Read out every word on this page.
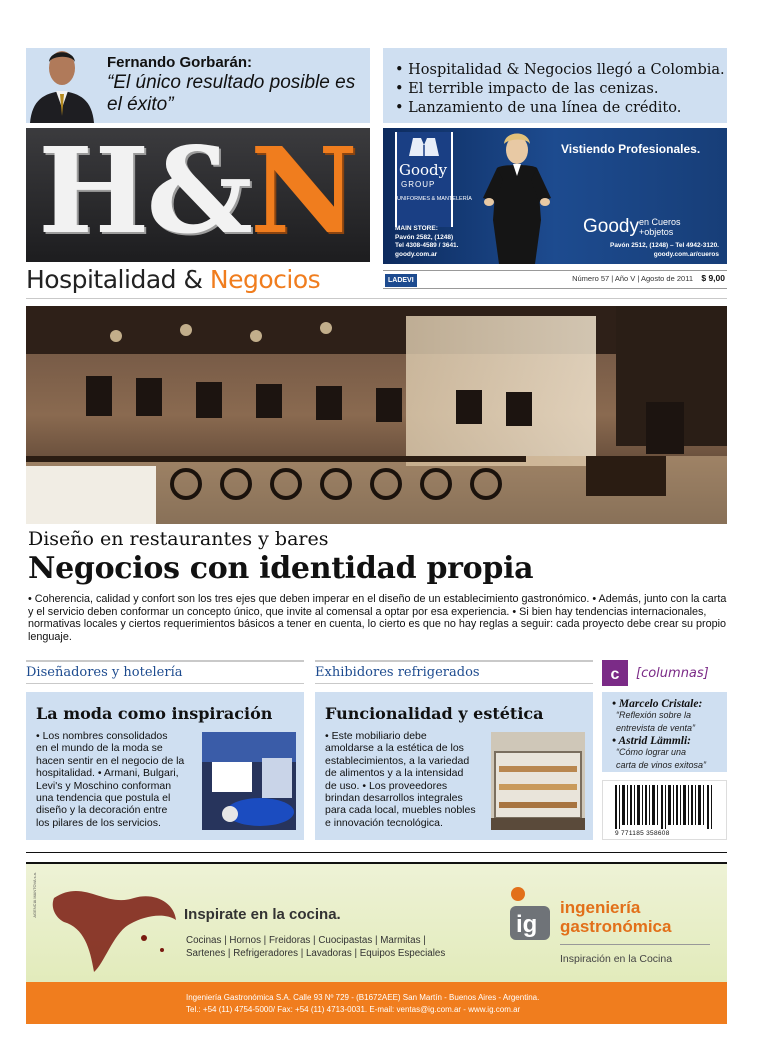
Fernando Gorbarán:
“El único resultado posible es el éxito”
• Hospitalidad & Negocios llegó a Colombia.
• El terrible impacto de las cenizas.
• Lanzamiento de una línea de crédito.
H&N
Hospitalidad & Negocios
Goody
GROUP
UNIFORMES & MANTELERÍA
Vistiendo Profesionales.
MAIN STORE:
Pavón 2582, (1248)
Tel 4308-4589 / 3641.
goody.com.ar
Goody en Cueros
+objetos
Pavón 2512, (1248) – Tel 4942-3120.
goody.com.ar/cueros
LADEVI	Número 57 | Año V | Agosto de 2011 $ 9,00
Diseño en restaurantes y bares
Negocios con identidad propia
• Coherencia, calidad y confort son los tres ejes que deben imperar en el diseño de un establecimiento gastronómico. • Además, junto con la carta y el servicio deben conformar un concepto único, que invite al comensal a optar por esa experiencia. • Si bien hay tendencias internacionales, normativas locales y ciertos requerimientos básicos a tener en cuenta, lo cierto es que no hay reglas a seguir: cada proyecto debe crear su propio lenguaje.
Diseñadores y hotelería
La moda como inspiración
• Los nombres consolidados
en el mundo de la moda se
hacen sentir en el negocio de la
hospitalidad. • Armani, Bulgari,
Levi's y Moschino conforman
una tendencia que postula el
diseño y la decoración entre
los pilares de los servicios.
Exhibidores refrigerados
Funcionalidad y estética
• Este mobiliario debe
amoldarse a la estética de los
establecimientos, a la variedad
de alimentos y a la intensidad
de uso. • Los proveedores
brindan desarrollos integrales
para cada local, muebles nobles
e innovación tecnológica.
c	[columnas]
• Marcelo Cristale:
“Reflexión sobre la
entrevista de venta”
• Astrid Lämmli:
“Cómo lograr una
carta de vinos exitosa”
9 771185 358608
AGENCIA MANTOVA s.a.	Inspirate en la cocina.
Cocinas | Hornos | Freidoras | Cuocipastas | Marmitas |
Sartenes | Refrigeradores | Lavadoras | Equipos Especiales
ig
ingeniería
gastronómica
Inspiración en la Cocina
Ingeniería Gastronómica S.A. Calle 93 Nº 729 - (B1672AEE) San Martín - Buenos Aires - Argentina.
Tel.: +54 (11) 4754-5000/ Fax: +54 (11) 4713-0031. E-mail: ventas@ig.com.ar - www.ig.com.ar
